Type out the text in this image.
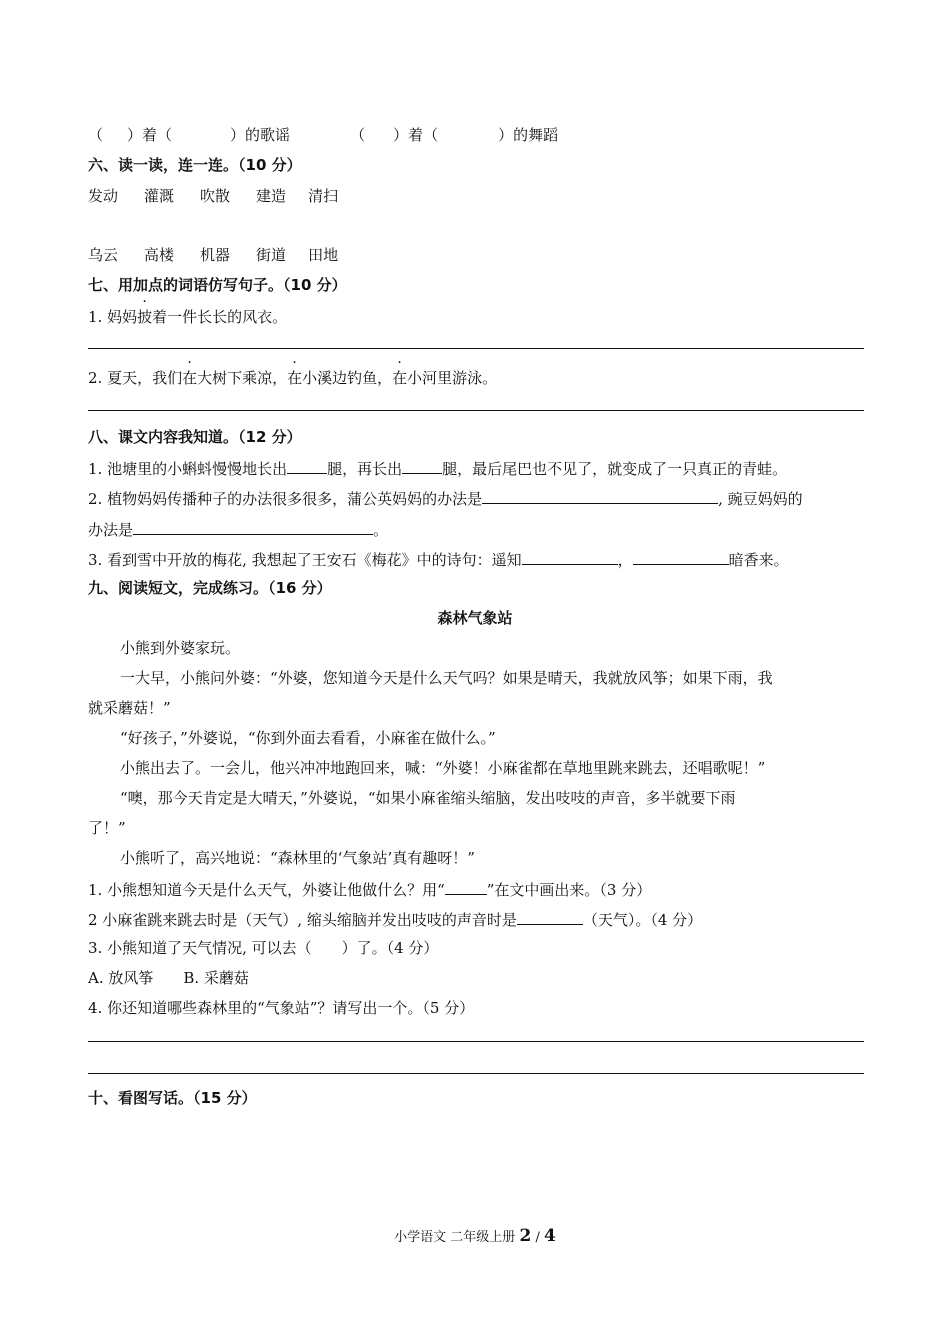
（ ）着（	）的歌谣	（ ）着（	）的舞蹈
六、读一读，连一连。（10 分）
发动 灌溉 吹散 建造 清扫
乌云 高楼 机器 街道 田地
七、用加点的词语仿写句子。（10 分）
1. 妈妈披着一件长长的风衣。
2. 夏天，我们在大树下乘凉，在小溪边钓鱼，在小河里游泳。
八、课文内容我知道。（12 分）
1. 池塘里的小蝌蚪慢慢地长出	腿，再长出	腿，最后尾巴也不见了，就变成了一只真正的青蛙。
2. 植物妈妈传播种子的办法很多很多，蒲公英妈妈的办法是	, 豌豆妈妈的
办法是	。
3. 看到雪中开放的梅花, 我想起了王安石《梅花》中的诗句：遥知	，	暗香来。
九、阅读短文，完成练习。（16 分）
森林气象站
小熊到外婆家玩。
一大早，小熊问外婆：“外婆，您知道今天是什么天气吗？如果是晴天，我就放风筝；如果下雨，我
就采蘑菇！”
“好孩子，”外婆说，“你到外面去看看，小麻雀在做什么。”
小熊出去了。一会儿，他兴冲冲地跑回来，喊：“外婆！小麻雀都在草地里跳来跳去，还唱歌呢！”
“噢，那今天肯定是大晴天，”外婆说，“如果小麻雀缩头缩脑，发出吱吱的声音，多半就要下雨
了！”
小熊听了，高兴地说：“森林里的‘气象站’真有趣呀！”
1. 小熊想知道今天是什么天气，外婆让他做什么？用“	”在文中画出来。（3 分）
2 小麻雀跳来跳去时是（天气）, 缩头缩脑并发出吱吱的声音时是	（天气）。（4 分）
3. 小熊知道了天气情况, 可以去（　　）了。（4 分）
A. 放风筝 B. 采蘑菇
4. 你还知道哪些森林里的“气象站”？请写出一个。（5 分）
十、看图写话。（15 分）
小学语文 二年级上册 2 / 4
